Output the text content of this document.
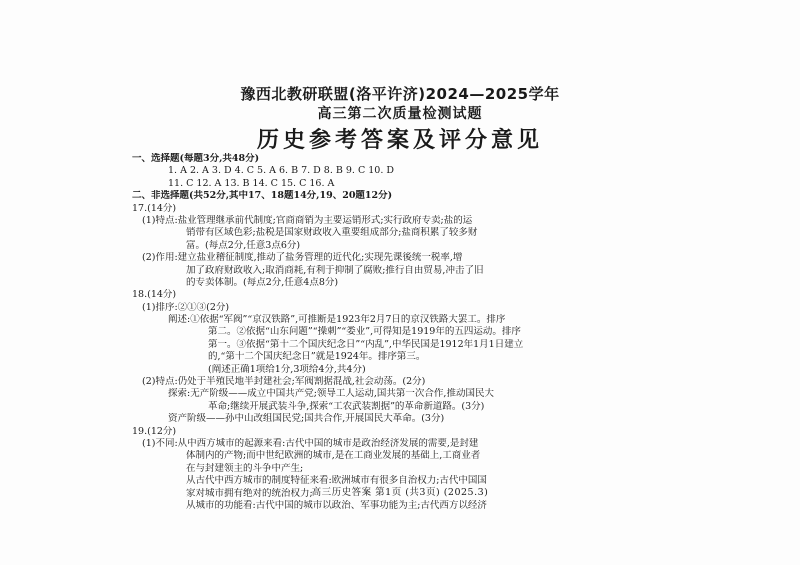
豫西北教研联盟(洛平许济)2024—2025学年
高三第二次质量检测试题
历史参考答案及评分意见
一、选择题(每题3分,共48分)
1. A 2. A 3. D 4. C 5. A 6. B 7. D 8. B 9. C 10. D
11. C 12. A 13. B 14. C 15. C 16. A
二、非选择题(共52分,其中17、18题14分,19、20题12分)
17.(14分)
(1)特点:盐业管理继承前代制度;官商商销为主要运销形式;实行政府专卖;盐的运
销带有区域色彩;盐税是国家财政收入重要组成部分;盐商积累了较多财
富。(每点2分,任意3点6分)
(2)作用:建立盐业稽征制度,推动了盐务管理的近代化;实现先课後统一税率,增
加了政府财政收入;取消商耗,有利于抑制了腐败;推行自由贸易,冲击了旧
的专卖体制。(每点2分,任意4点8分)
18.(14分)
(1)排序:②①③(2分)
阐述:①依据“军阀”“京汉铁路”,可推断是1923年2月7日的京汉铁路大罢工。排序
第二。②依据“山东问题”“操刺”“娄业”,可得知是1919年的五四运动。排序
第一。③依据“第十二个国庆纪念日”“内乱”,中华民国是1912年1月1日建立
的,“第十二个国庆纪念日”就是1924年。排序第三。
(阐述正确1项给1分,3项给4分,共4分)
(2)特点:仍处于半殖民地半封建社会;军阀割据混战,社会动荡。(2分)
探索:无产阶级——成立中国共产党;领导工人运动,国共第一次合作,推动国民大
革命;继续开展武装斗争,探索“工农武装割据”的革命新道路。(3分)
资产阶级——孙中山改组国民党;国共合作,开展国民大革命。(3分)
19.(12分)
(1)不同:从中西方城市的起源来看:古代中国的城市是政治经济发展的需要,是封建
体制内的产物;而中世纪欧洲的城市,是在工商业发展的基础上,工商业者
在与封建领主的斗争中产生;
从古代中西方城市的制度特征来看:欧洲城市有很多自治权力;古代中国国
家对城市拥有绝对的统治权力;
从城市的功能看:古代中国的城市以政治、军事功能为主;古代西方以经济
高三历史答案 第1页 (共3页) (2025.3)
